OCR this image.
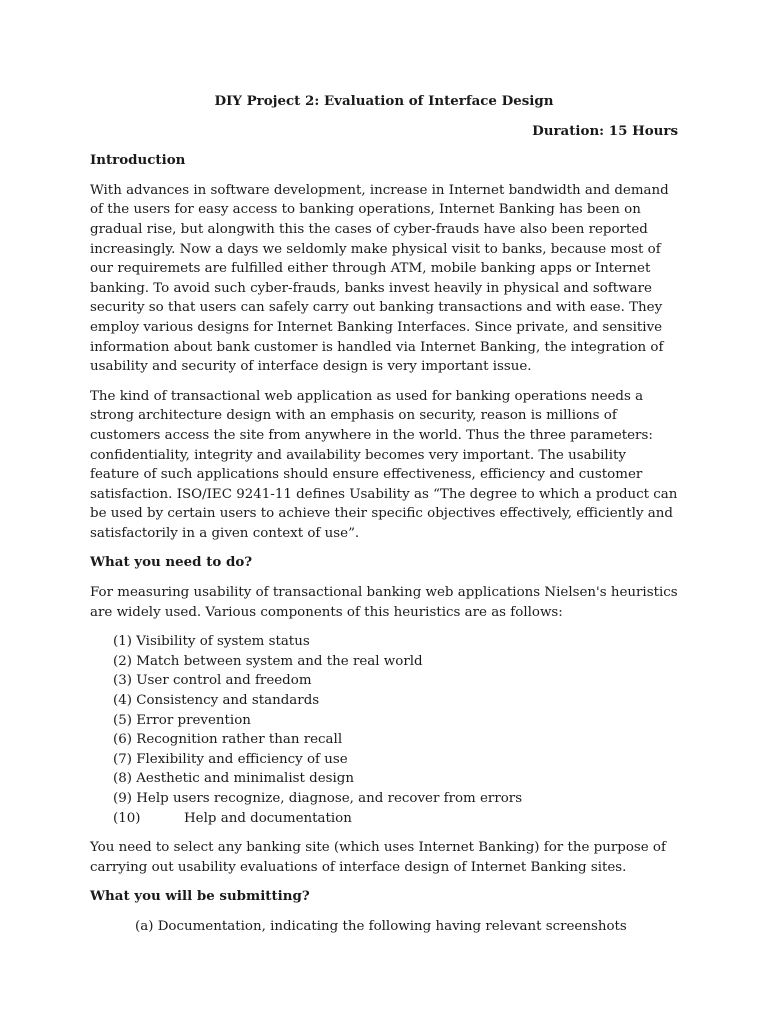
DIY Project 2: Evaluation of Interface Design

Duration: 15 Hours

Introduction

With advances in software development, increase in Internet bandwidth and demand of the users for easy access to banking operations, Internet Banking has been on gradual rise, but alongwith this the cases of cyber-frauds have also been reported increasingly. Now a days we seldomly make physical visit to banks, because most of our requiremets are fulfilled either through ATM, mobile banking apps or Internet banking. To avoid such cyber-frauds, banks invest heavily in physical and software security so that users can safely carry out banking transactions and with ease. They employ various designs for Internet Banking Interfaces. Since private, and sensitive information about bank customer is handled via Internet Banking, the integration of usability and security of interface design is very important issue.

The kind of transactional web application as used for banking operations needs a strong architecture design with an emphasis on security, reason is millions of customers access the site from anywhere in the world. Thus the three parameters: confidentiality, integrity and availability becomes very important. The usability feature of such applications should ensure effectiveness, efficiency and customer satisfaction. ISO/IEC 9241-11 defines Usability as “The degree to which a product can be used by certain users to achieve their specific objectives effectively, efficiently and satisfactorily in a given context of use”.

What you need to do?

For measuring usability of transactional banking web applications Nielsen's heuristics are widely used. Various components of this heuristics are as follows:

(1) Visibility of system status
(2) Match between system and the real world
(3) User control and freedom
(4) Consistency and standards
(5) Error prevention
(6) Recognition rather than recall
(7) Flexibility and efficiency of use
(8) Aesthetic and minimalist design
(9) Help users recognize, diagnose, and recover from errors
(10)	Help and documentation

You need to select any banking site (which uses Internet Banking) for the purpose of carrying out usability evaluations of interface design of Internet Banking sites.

What you will be submitting?

(a) Documentation, indicating the following having relevant screenshots
